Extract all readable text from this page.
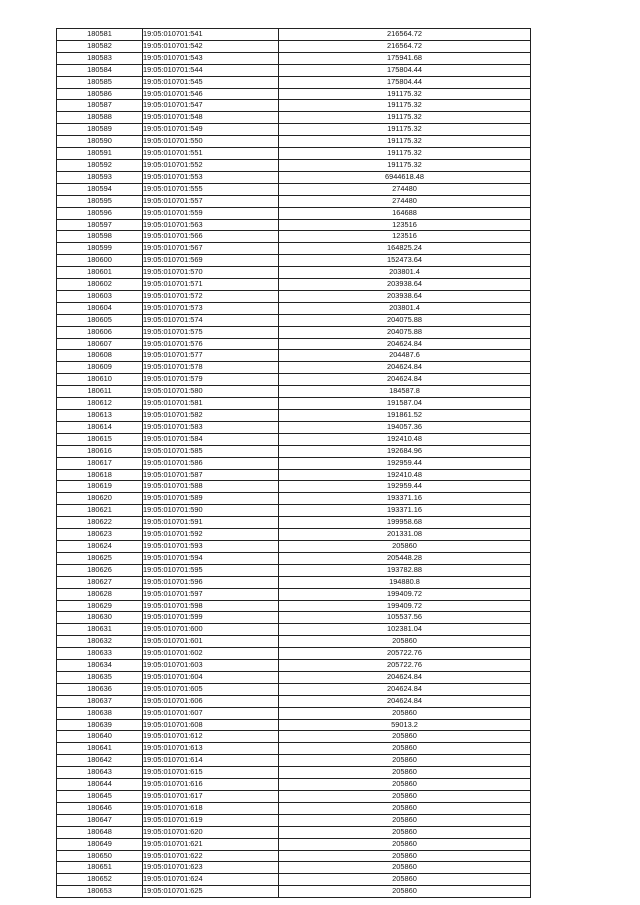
180581	19:05:010701:541	216564.72
180582	19:05:010701:542	216564.72
180583	19:05:010701:543	175941.68
180584	19:05:010701:544	175804.44
180585	19:05:010701:545	175804.44
180586	19:05:010701:546	191175.32
180587	19:05:010701:547	191175.32
180588	19:05:010701:548	191175.32
180589	19:05:010701:549	191175.32
180590	19:05:010701:550	191175.32
180591	19:05:010701:551	191175.32
180592	19:05:010701:552	191175.32
180593	19:05:010701:553	6944618.48
180594	19:05:010701:555	274480
180595	19:05:010701:557	274480
180596	19:05:010701:559	164688
180597	19:05:010701:563	123516
180598	19:05:010701:566	123516
180599	19:05:010701:567	164825.24
180600	19:05:010701:569	152473.64
180601	19:05:010701:570	203801.4
180602	19:05:010701:571	203938.64
180603	19:05:010701:572	203938.64
180604	19:05:010701:573	203801.4
180605	19:05:010701:574	204075.88
180606	19:05:010701:575	204075.88
180607	19:05:010701:576	204624.84
180608	19:05:010701:577	204487.6
180609	19:05:010701:578	204624.84
180610	19:05:010701:579	204624.84
180611	19:05:010701:580	184587.8
180612	19:05:010701:581	191587.04
180613	19:05:010701:582	191861.52
180614	19:05:010701:583	194057.36
180615	19:05:010701:584	192410.48
180616	19:05:010701:585	192684.96
180617	19:05:010701:586	192959.44
180618	19:05:010701:587	192410.48
180619	19:05:010701:588	192959.44
180620	19:05:010701:589	193371.16
180621	19:05:010701:590	193371.16
180622	19:05:010701:591	199958.68
180623	19:05:010701:592	201331.08
180624	19:05:010701:593	205860
180625	19:05:010701:594	205448.28
180626	19:05:010701:595	193782.88
180627	19:05:010701:596	194880.8
180628	19:05:010701:597	199409.72
180629	19:05:010701:598	199409.72
180630	19:05:010701:599	105537.56
180631	19:05:010701:600	102381.04
180632	19:05:010701:601	205860
180633	19:05:010701:602	205722.76
180634	19:05:010701:603	205722.76
180635	19:05:010701:604	204624.84
180636	19:05:010701:605	204624.84
180637	19:05:010701:606	204624.84
180638	19:05:010701:607	205860
180639	19:05:010701:608	59013.2
180640	19:05:010701:612	205860
180641	19:05:010701:613	205860
180642	19:05:010701:614	205860
180643	19:05:010701:615	205860
180644	19:05:010701:616	205860
180645	19:05:010701:617	205860
180646	19:05:010701:618	205860
180647	19:05:010701:619	205860
180648	19:05:010701:620	205860
180649	19:05:010701:621	205860
180650	19:05:010701:622	205860
180651	19:05:010701:623	205860
180652	19:05:010701:624	205860
180653	19:05:010701:625	205860
